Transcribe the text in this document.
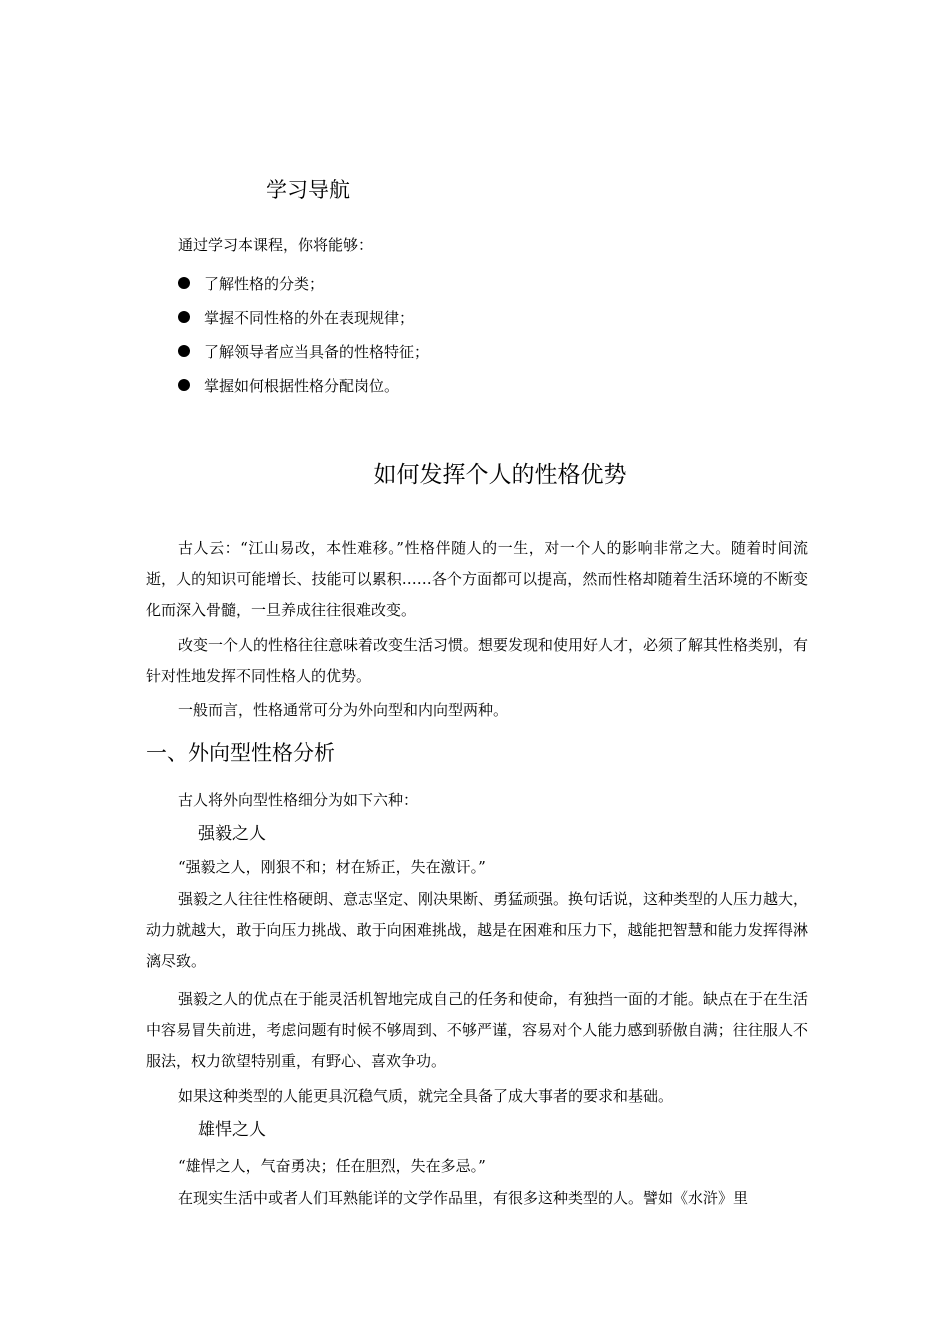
学习导航
通过学习本课程，你将能够：
了解性格的分类；
掌握不同性格的外在表现规律；
了解领导者应当具备的性格特征；
掌握如何根据性格分配岗位。
如何发挥个人的性格优势

古人云：“江山易改，本性难移。”性格伴随人的一生，对一个人的影响非常之大。随着时间流逝，人的知识可能增长、技能可以累积……各个方面都可以提高，然而性格却随着生活环境的不断变化而深入骨髓，一旦养成往往很难改变。

改变一个人的性格往往意味着改变生活习惯。想要发现和使用好人才，必须了解其性格类别，有针对性地发挥不同性格人的优势。

一般而言，性格通常可分为外向型和内向型两种。

一、外向型性格分析
古人将外向型性格细分为如下六种：
强毅之人
“强毅之人，刚狠不和；材在矫正，失在激讦。”

强毅之人往往性格硬朗、意志坚定、刚决果断、勇猛顽强。换句话说，这种类型的人压力越大，动力就越大，敢于向压力挑战、敢于向困难挑战，越是在困难和压力下，越能把智慧和能力发挥得淋漓尽致。

强毅之人的优点在于能灵活机智地完成自己的任务和使命，有独挡一面的才能。缺点在于在生活中容易冒失前进，考虑问题有时候不够周到、不够严谨，容易对个人能力感到骄傲自满；往往服人不服法，权力欲望特别重，有野心、喜欢争功。

如果这种类型的人能更具沉稳气质，就完全具备了成大事者的要求和基础。

雄悍之人
“雄悍之人，气奋勇决；任在胆烈，失在多忌。”
在现实生活中或者人们耳熟能详的文学作品里，有很多这种类型的人。譬如《水浒》里
